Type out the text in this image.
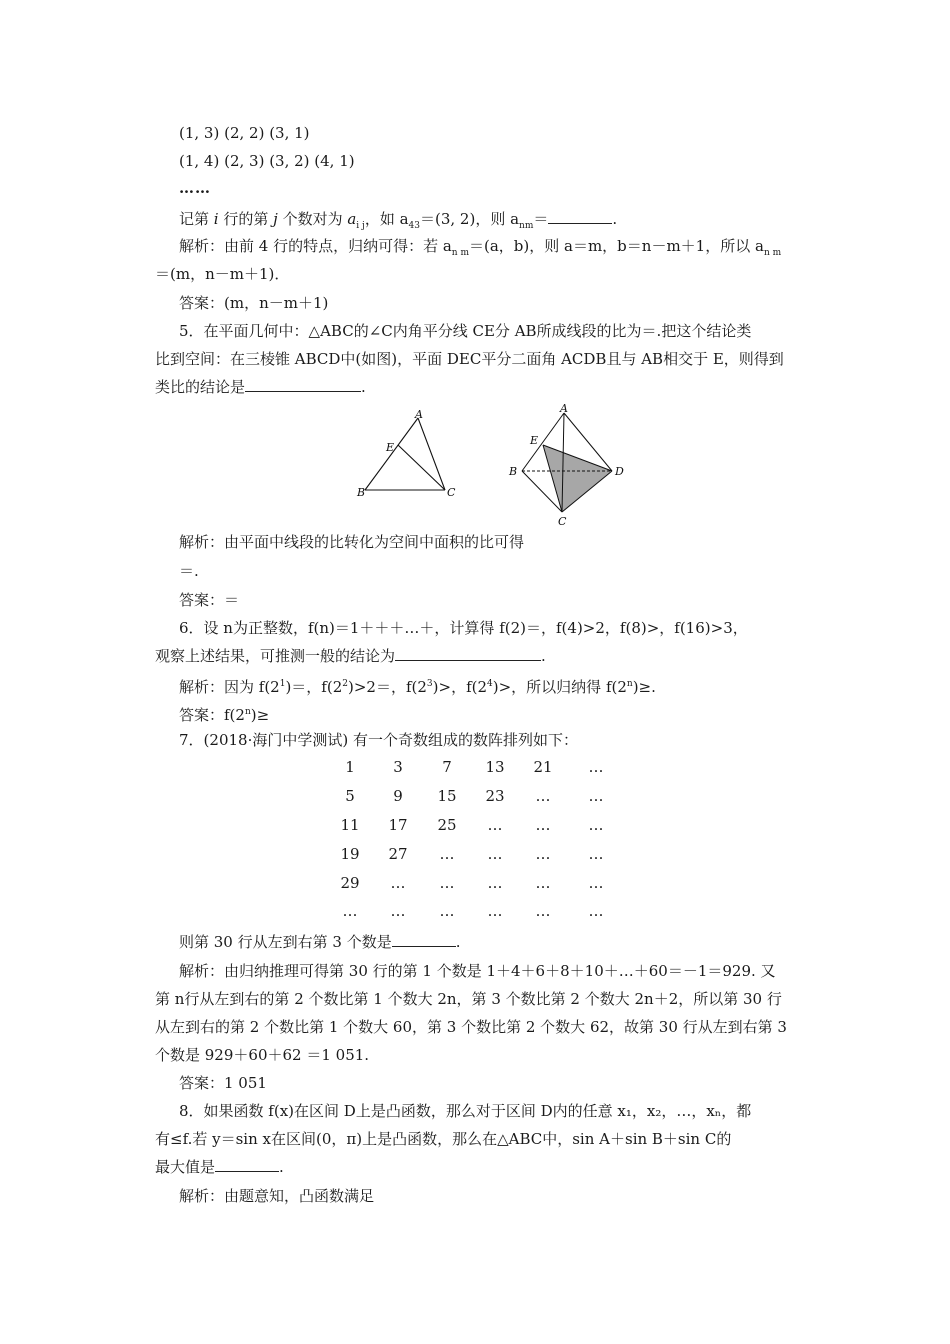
(1, 3) (2, 2) (3, 1)
(1, 4) (2, 3) (3, 2) (4, 1)
……
记第 i 行的第 j 个数对为 $a_{i j}$，如 $a_{43}=(3$, 2)，则 $a_{nm}=$	.
解析：由前 4 行的特点，归纳可得：若 $a_{n m}=(a$，b)，则 a＝m，b＝n－m＋1，所以 $a_{n m}$
＝(m，n－m＋1)．
答案：(m，n－m＋1)
5．在平面几何中：△ABC的∠C内角平分线 CE分 AB所成线段的比为＝.把这个结论类
比到空间：在三棱锥 ABCD中(如图)，平面 DEC平分二面角 ACDB且与 AB相交于 E，则得到
类比的结论是	.
A
E
B	C
A
E
B	D
C
解析：由平面中线段的比转化为空间中面积的比可得
＝.
答案：＝
6．设 n为正整数，f(n)＝1＋＋＋…＋，计算得 f(2)＝，f(4)>2，f(8)>，f(16)>3，
观察上述结果，可推测一般的结论为	.
解析：因为 $f(2^1)=$，$f(2^2)>2=$，$f(2^3)>$，$f(2^4)>$，所以归纳得 $f(2^n)\ge$.
答案：$f(2^n)\ge$
7．(2018·海门中学测试) 有一个奇数组成的数阵排列如下：
1	3	7	13	21	…
5	9	15	23	…	…
11	17	25	…	…	…
19	27	…	…	…	…
29	…	…	…	…	…
…	…	…	…	…	…
则第 30 行从左到右第 3 个数是	.
解析：由归纳推理可得第 30 行的第 1 个数是 1＋4＋6＋8＋10＋…＋60＝－1＝929. 又
第 n行从左到右的第 2 个数比第 1 个数大 2n，第 3 个数比第 2 个数大 2n＋2，所以第 30 行
从左到右的第 2 个数比第 1 个数大 60，第 3 个数比第 2 个数大 62，故第 30 行从左到右第 3
个数是 929＋60＋62 ＝1 051.
答案：1 051
8．如果函数 f(x)在区间 D上是凸函数，那么对于区间 D内的任意 x₁，x₂，…，xₙ，都
有≤f.若 y＝sin x在区间(0，π)上是凸函数，那么在△ABC中，sin A＋sin B＋sin C的
最大值是	.
解析：由题意知，凸函数满足
